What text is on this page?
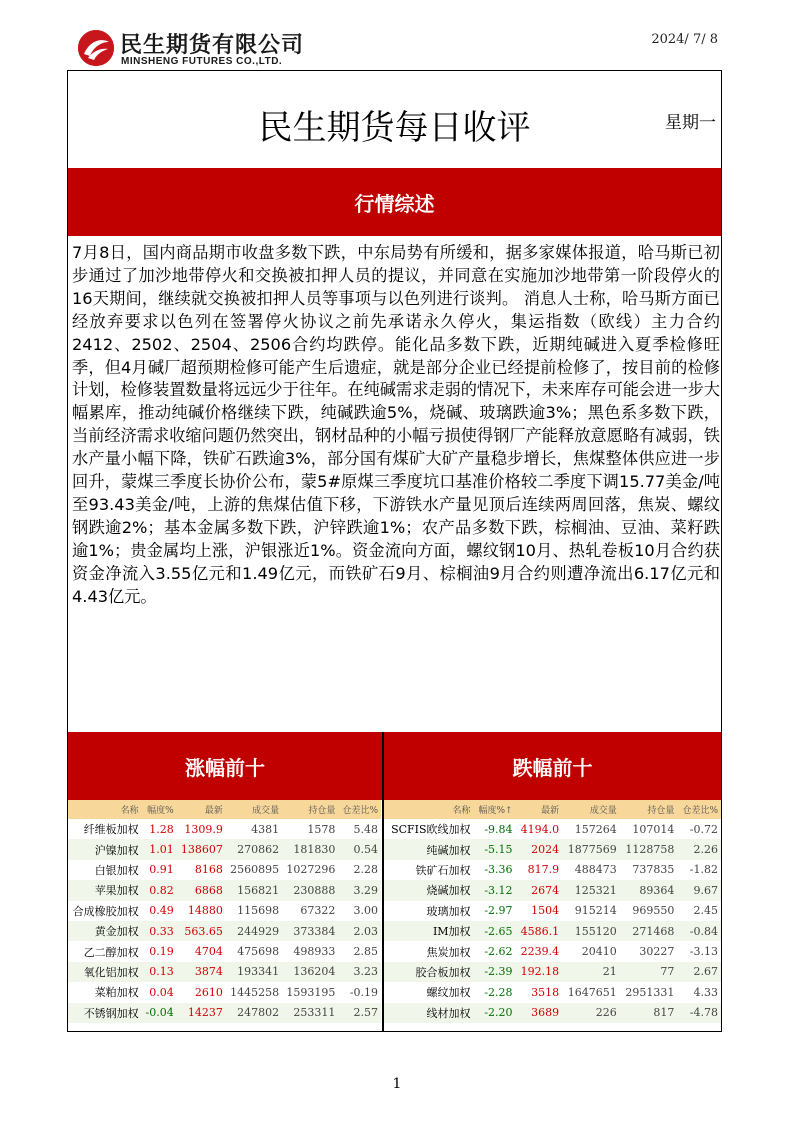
民生期货有限公司
MINSHENG FUTURES CO.,LTD.
2024/ 7/ 8
民生期货每日收评	星期一
行情综述
7月8日，国内商品期市收盘多数下跌，中东局势有所缓和，据多家媒体报道，哈马斯已初步通过了加沙地带停火和交换被扣押人员的提议，并同意在实施加沙地带第一阶段停火的16天期间，继续就交换被扣押人员等事项与以色列进行谈判。 消息人士称，哈马斯方面已经放弃要求以色列在签署停火协议之前先承诺永久停火，集运指数（欧线）主力合约2412、2502、2504、2506合约均跌停。能化品多数下跌，近期纯碱进入夏季检修旺季，但4月碱厂超预期检修可能产生后遗症，就是部分企业已经提前检修了，按目前的检修计划，检修装置数量将远远少于往年。在纯碱需求走弱的情况下，未来库存可能会进一步大幅累库，推动纯碱价格继续下跌，纯碱跌逾5%，烧碱、玻璃跌逾3%；黑色系多数下跌，当前经济需求收缩问题仍然突出，钢材品种的小幅亏损使得钢厂产能释放意愿略有减弱，铁水产量小幅下降，铁矿石跌逾3%，部分国有煤矿大矿产量稳步增长，焦煤整体供应进一步回升，蒙煤三季度长协价公布，蒙5#原煤三季度坑口基准价格较二季度下调15.77美金/吨至93.43美金/吨，上游的焦煤估值下移，下游铁水产量见顶后连续两周回落，焦炭、螺纹钢跌逾2%；基本金属多数下跌，沪锌跌逾1%；农产品多数下跌，棕榈油、豆油、菜籽跌逾1%；贵金属均上涨，沪银涨近1%。资金流向方面，螺纹钢10月、热轧卷板10月合约获资金净流入3.55亿元和1.49亿元，而铁矿石9月、棕榈油9月合约则遭净流出6.17亿元和4.43亿元。
涨幅前十	跌幅前十
名称	幅度%	最新	成交量	持仓量	仓差比%
纤维板加权	1.28	1309.9	4381	1578	5.48
沪镍加权	1.01	138607	270862	181830	0.54
白银加权	0.91	8168	2560895	1027296	2.28
苹果加权	0.82	6868	156821	230888	3.29
合成橡胶加权	0.49	14880	115698	67322	3.00
黄金加权	0.33	563.65	244929	373384	2.03
乙二醇加权	0.19	4704	475698	498933	2.85
氧化铝加权	0.13	3874	193341	136204	3.23
菜粕加权	0.04	2610	1445258	1593195	-0.19
不锈钢加权	-0.04	14237	247802	253311	2.57
名称	幅度%↑	最新	成交量	持仓量	仓差比%
SCFIS欧线加权	-9.84	4194.0	157264	107014	-0.72
纯碱加权	-5.15	2024	1877569	1128758	2.26
铁矿石加权	-3.36	817.9	488473	737835	-1.82
烧碱加权	-3.12	2674	125321	89364	9.67
玻璃加权	-2.97	1504	915214	969550	2.45
IM加权	-2.65	4586.1	155120	271468	-0.84
焦炭加权	-2.62	2239.4	20410	30227	-3.13
胶合板加权	-2.39	192.18	21	77	2.67
螺纹加权	-2.28	3518	1647651	2951331	4.33
线材加权	-2.20	3689	226	817	-4.78
1
